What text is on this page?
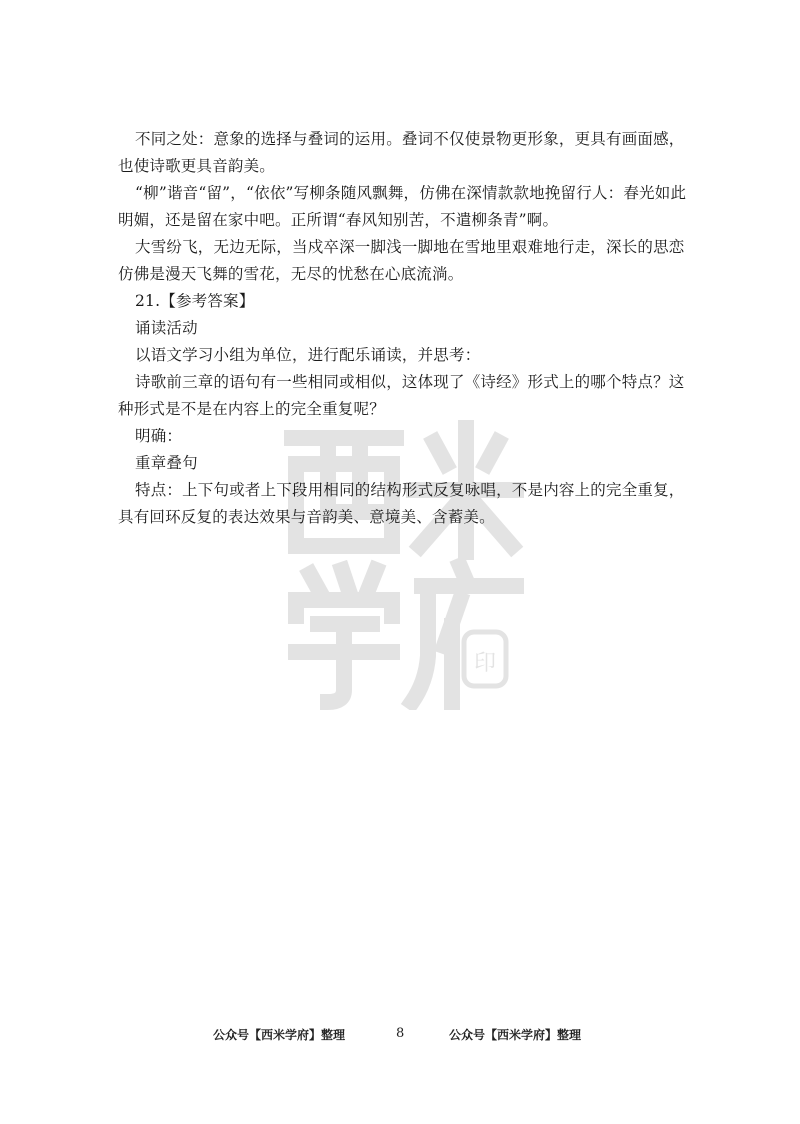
印

不同之处：意象的选择与叠词的运用。叠词不仅使景物更形象，更具有画面感，也使诗歌更具音韵美。

“柳”谐音“留”，“依依”写柳条随风飘舞，仿佛在深情款款地挽留行人：春光如此明媚，还是留在家中吧。正所谓“春风知别苦，不遣柳条青”啊。

大雪纷飞，无边无际，当戍卒深一脚浅一脚地在雪地里艰难地行走，深长的思恋仿佛是漫天飞舞的雪花，无尽的忧愁在心底流淌。

21.【参考答案】

诵读活动

以语文学习小组为单位，进行配乐诵读，并思考：

诗歌前三章的语句有一些相同或相似，这体现了《诗经》形式上的哪个特点？这种形式是不是在内容上的完全重复呢？

明确：

重章叠句

特点：上下句或者上下段用相同的结构形式反复咏唱，不是内容上的完全重复，具有回环反复的表达效果与音韵美、意境美、含蓄美。

公众号【西米学府】整理	8	公众号【西米学府】整理
